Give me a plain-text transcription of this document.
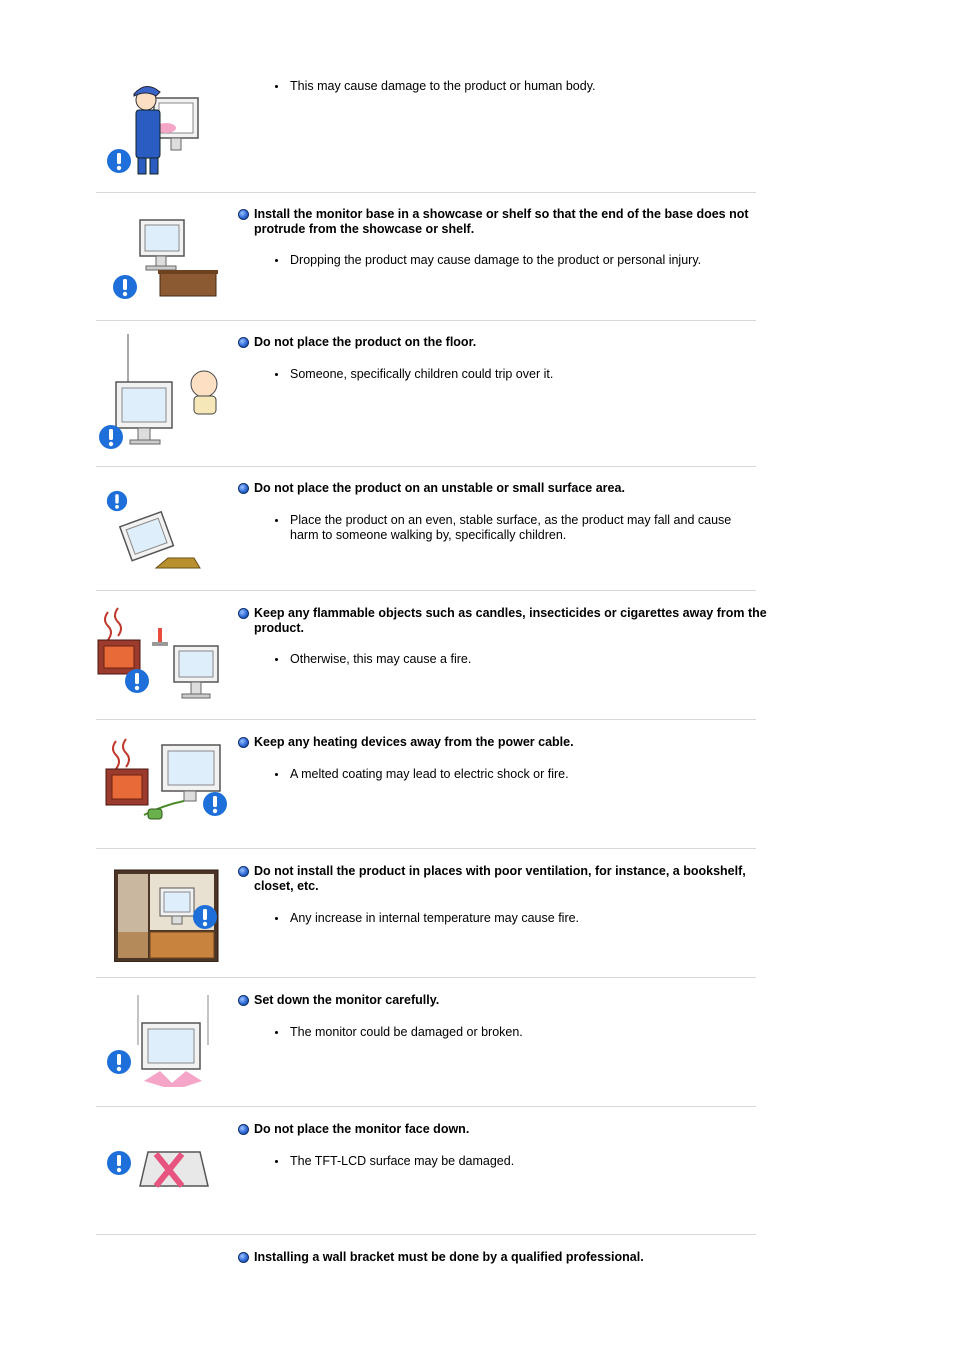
This may cause damage to the product or human body.
Install the monitor base in a showcase or shelf so that the end of the base does not protrude from the showcase or shelf.
Dropping the product may cause damage to the product or personal injury.
Do not place the product on the floor.
Someone, specifically children could trip over it.
Do not place the product on an unstable or small surface area.
Place the product on an even, stable surface, as the product may fall and cause harm to someone walking by, specifically children.
Keep any flammable objects such as candles, insecticides or cigarettes away from the product.
Otherwise, this may cause a fire.
Keep any heating devices away from the power cable.
A melted coating may lead to electric shock or fire.
Do not install the product in places with poor ventilation, for instance, a bookshelf, closet, etc.
Any increase in internal temperature may cause fire.
Set down the monitor carefully.
The monitor could be damaged or broken.
Do not place the monitor face down.
The TFT-LCD surface may be damaged.
Installing a wall bracket must be done by a qualified professional.
